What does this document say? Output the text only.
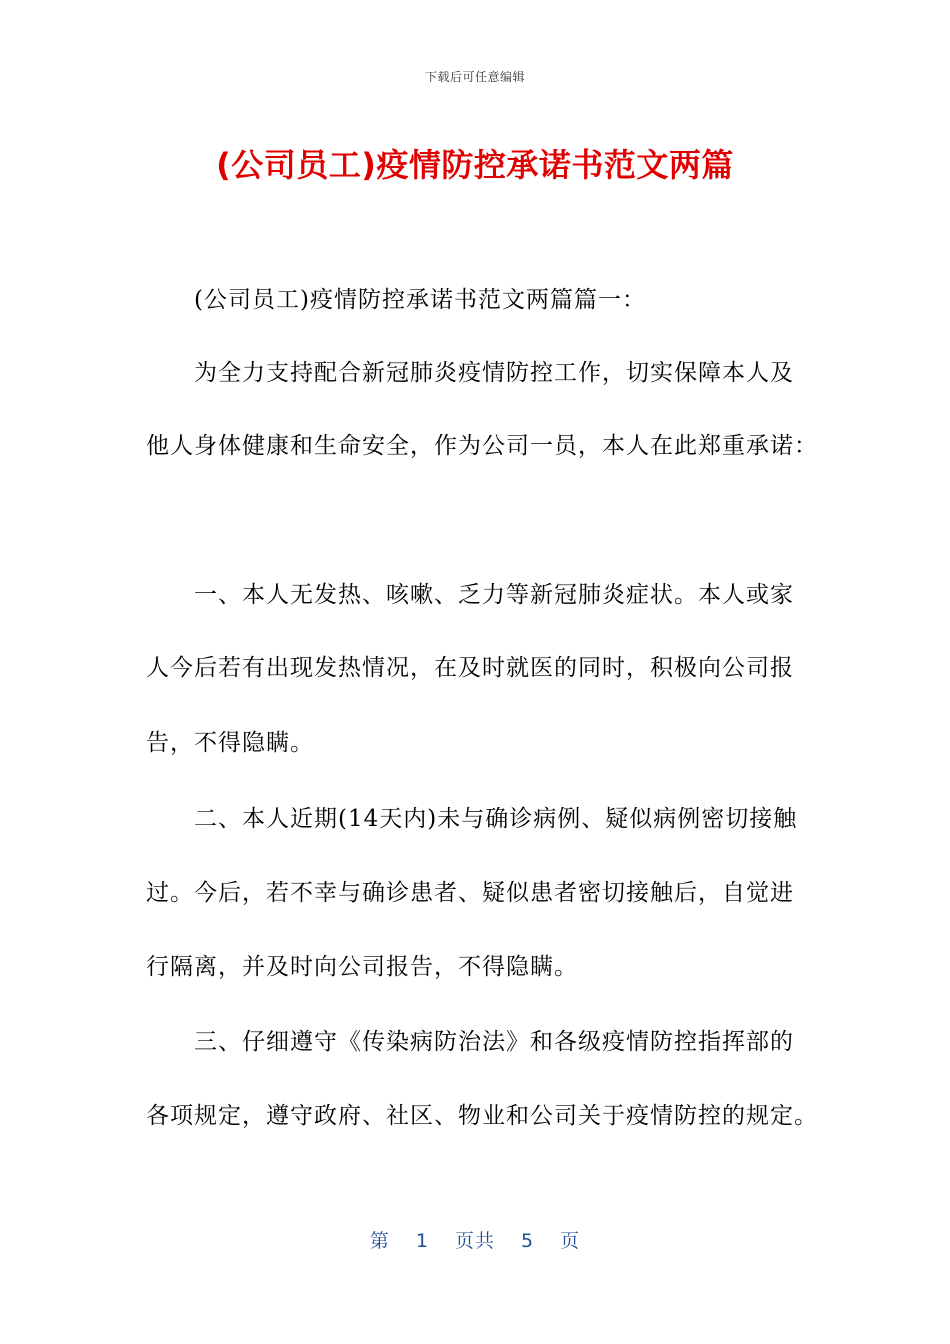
下载后可任意编辑
(公司员工)疫情防控承诺书范文两篇

(公司员工)疫情防控承诺书范文两篇篇一：

为全力支持配合新冠肺炎疫情防控工作，切实保障本人及

他人身体健康和生命安全，作为公司一员，本人在此郑重承诺：

一、本人无发热、咳嗽、乏力等新冠肺炎症状。本人或家

人今后若有出现发热情况，在及时就医的同时，积极向公司报

告，不得隐瞒。

二、本人近期(14天内)未与确诊病例、疑似病例密切接触

过。今后，若不幸与确诊患者、疑似患者密切接触后，自觉进

行隔离，并及时向公司报告，不得隐瞒。

三、仔细遵守《传染病防治法》和各级疫情防控指挥部的

各项规定，遵守政府、社区、物业和公司关于疫情防控的规定。

第 1 页共 5 页
